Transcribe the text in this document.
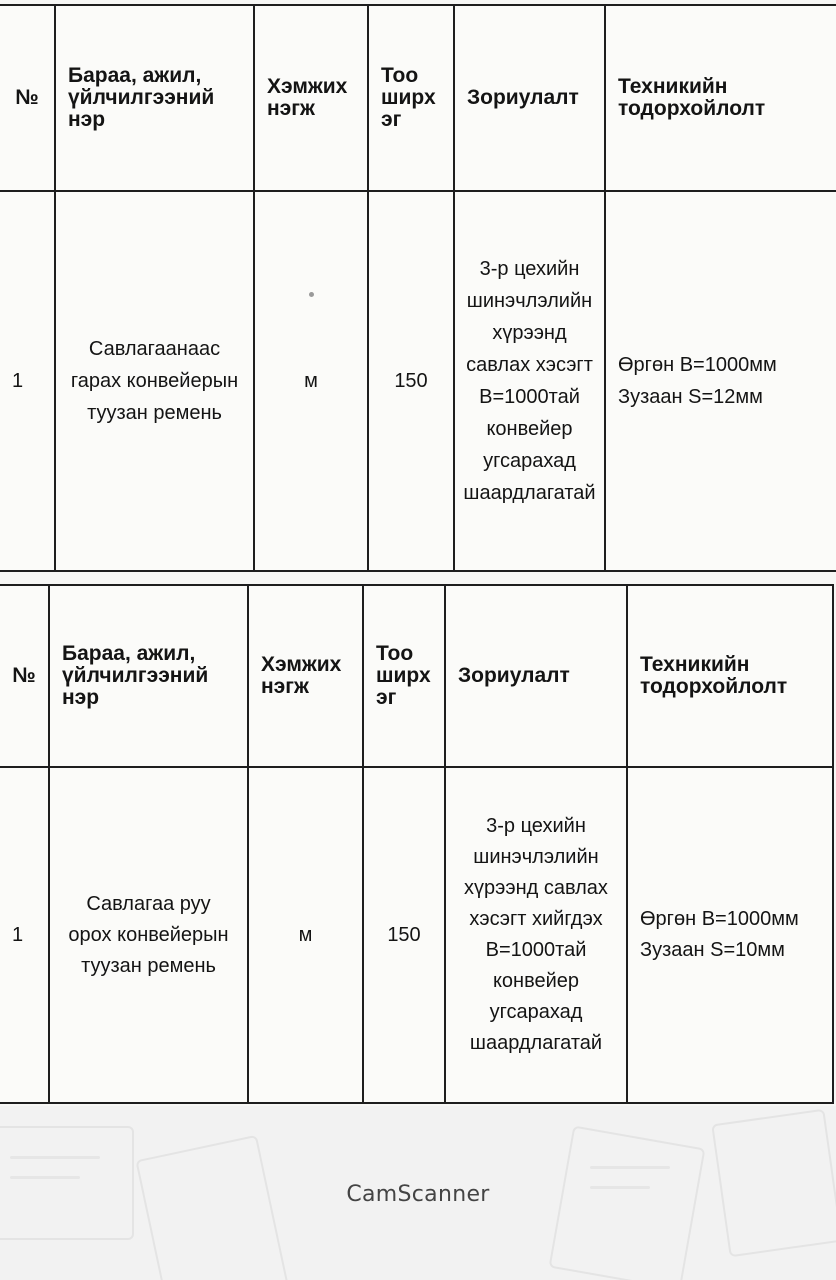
№	Бараа, ажил, үйлчилгээний нэр	Хэмжих нэгж	Тоо ширх эг	Зориулалт	Техникийн тодорхойлолт
1	Савлагаанаас гарах конвейерын туузан ремень	м	150	3-р цехийн шинэчлэлийн хүрээнд савлах хэсэгт В=1000тай конвейер угсарахад шаардлагатай	Өргөн В=1000мм Зузаан S=12мм
№	Бараа, ажил, үйлчилгээний нэр	Хэмжих нэгж	Тоо ширх эг	Зориулалт	Техникийн тодорхойлолт
1	Савлагаа руу орох конвейерын туузан ремень	м	150	3-р цехийн шинэчлэлийн хүрээнд савлах хэсэгт хийгдэх В=1000тай конвейер угсарахад шаардлагатай	Өргөн В=1000мм Зузаан S=10мм
CamScanner
